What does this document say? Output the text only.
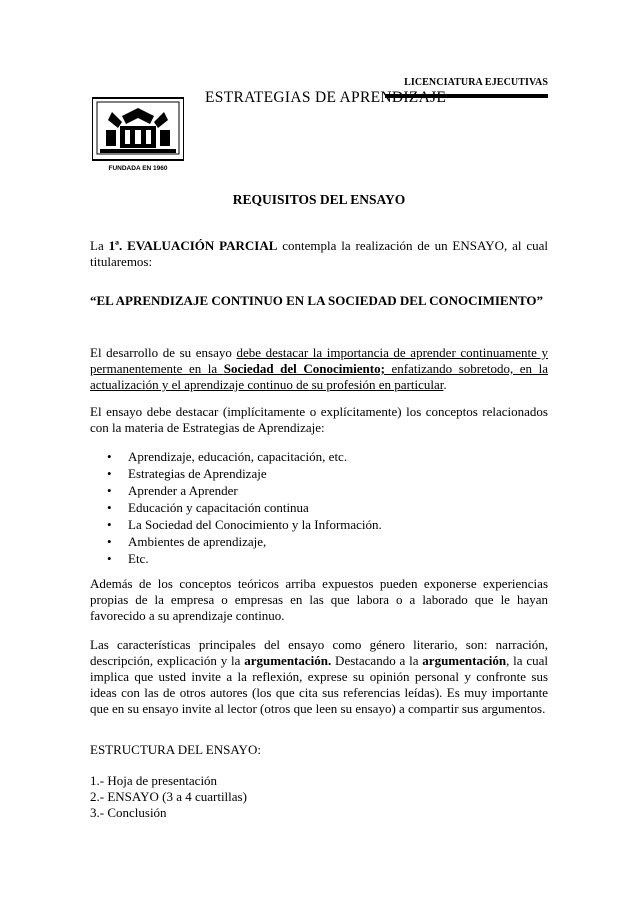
LICENCIATURA EJECUTIVAS
ESTRATEGIAS DE APRENDIZAJE
FUNDADA EN 1960
REQUISITOS DEL ENSAYO
La 1ª. EVALUACIÓN PARCIAL contempla la realización de un ENSAYO, al cual titularemos:
“EL APRENDIZAJE CONTINUO EN LA SOCIEDAD DEL CONOCIMIENTO”
El desarrollo de su ensayo debe destacar la importancia de aprender continuamente y permanentemente en la Sociedad del Conocimiento; enfatizando sobretodo, en la actualización y el aprendizaje continuo de su profesión en particular.
El ensayo debe destacar (implícitamente o explícitamente) los conceptos relacionados con la materia de Estrategias de Aprendizaje:
• Aprendizaje, educación, capacitación, etc.
• Estrategias de Aprendizaje
• Aprender a Aprender
• Educación y capacitación continua
• La Sociedad del Conocimiento y la Información.
• Ambientes de aprendizaje,
• Etc.
Además de los conceptos teóricos arriba expuestos pueden exponerse experiencias propias de la empresa o empresas en las que labora o a laborado que le hayan favorecido a su aprendizaje continuo.
Las características principales del ensayo como género literario, son: narración, descripción, explicación y la argumentación. Destacando a la argumentación, la cual implica que usted invite a la reflexión, exprese su opinión personal y confronte sus ideas con las de otros autores (los que cita sus referencias leídas). Es muy importante que en su ensayo invite al lector (otros que leen su ensayo) a compartir sus argumentos.
ESTRUCTURA DEL ENSAYO:
1.- Hoja de presentación
2.- ENSAYO (3 a 4 cuartillas)
3.- Conclusión
